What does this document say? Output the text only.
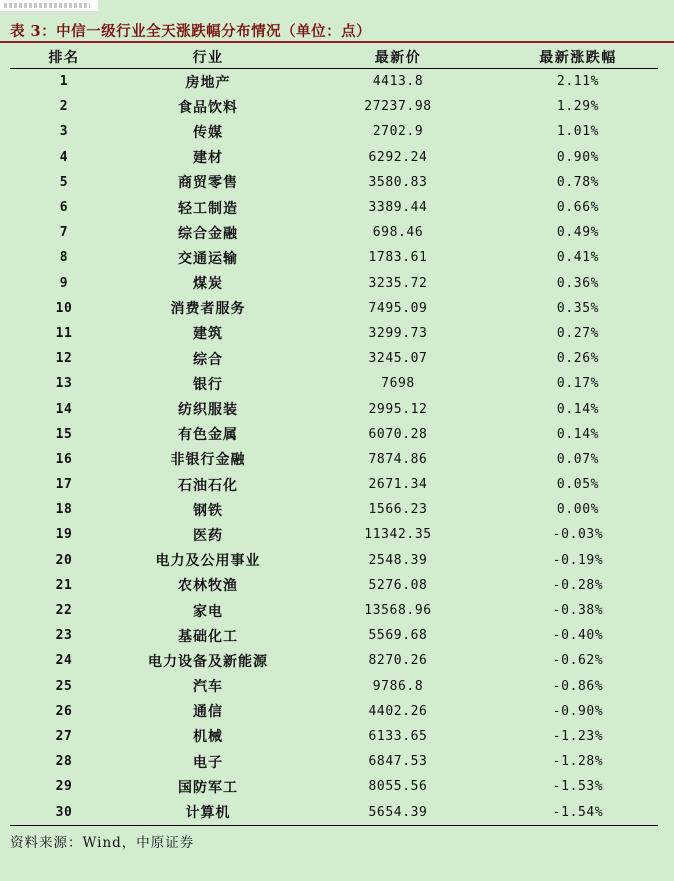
表 3：中信一级行业全天涨跌幅分布情况（单位：点）
排名	行业	最新价	最新涨跌幅
1	房地产	4413.8	2.11%
2	食品饮料	27237.98	1.29%
3	传媒	2702.9	1.01%
4	建材	6292.24	0.90%
5	商贸零售	3580.83	0.78%
6	轻工制造	3389.44	0.66%
7	综合金融	698.46	0.49%
8	交通运输	1783.61	0.41%
9	煤炭	3235.72	0.36%
10	消费者服务	7495.09	0.35%
11	建筑	3299.73	0.27%
12	综合	3245.07	0.26%
13	银行	7698	0.17%
14	纺织服装	2995.12	0.14%
15	有色金属	6070.28	0.14%
16	非银行金融	7874.86	0.07%
17	石油石化	2671.34	0.05%
18	钢铁	1566.23	0.00%
19	医药	11342.35	-0.03%
20	电力及公用事业	2548.39	-0.19%
21	农林牧渔	5276.08	-0.28%
22	家电	13568.96	-0.38%
23	基础化工	5569.68	-0.40%
24	电力设备及新能源	8270.26	-0.62%
25	汽车	9786.8	-0.86%
26	通信	4402.26	-0.90%
27	机械	6133.65	-1.23%
28	电子	6847.53	-1.28%
29	国防军工	8055.56	-1.53%
30	计算机	5654.39	-1.54%
资料来源：Wind，中原证券
